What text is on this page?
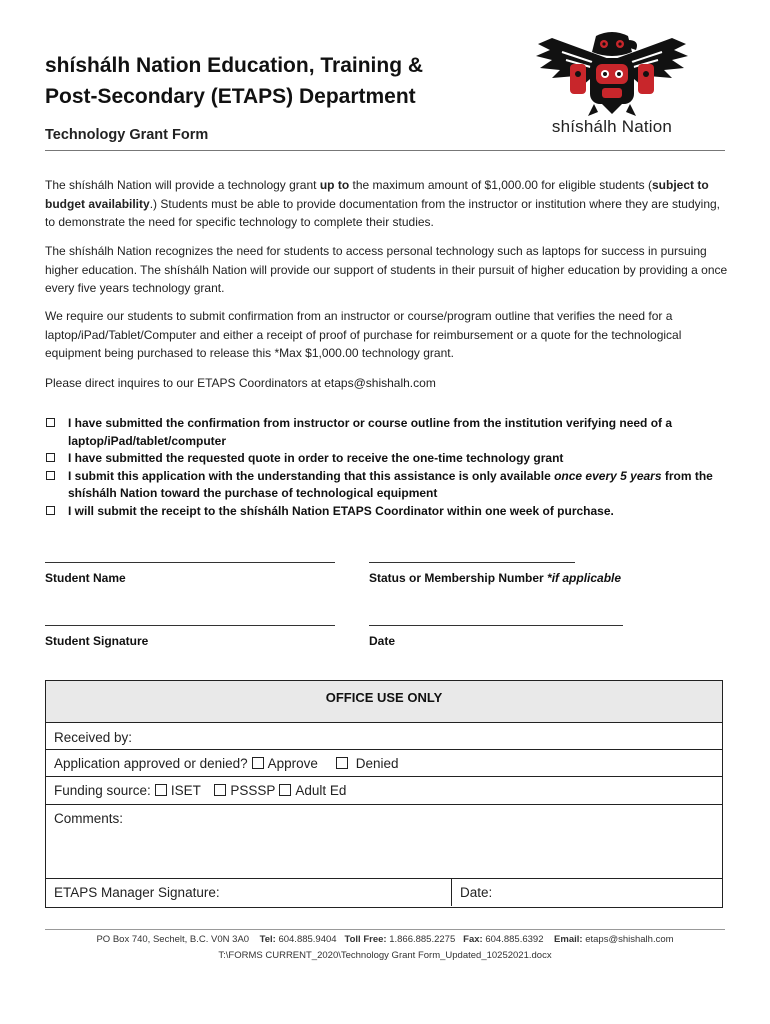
shíshálh Nation Education, Training &
Post-Secondary (ETAPS) Department
shíshálh Nation
Technology Grant Form
The shíshálh Nation will provide a technology grant up to the maximum amount of $1,000.00 for eligible students (subject to budget availability.) Students must be able to provide documentation from the instructor or institution where they are studying, to demonstrate the need for specific technology to complete their studies.
The shíshálh Nation recognizes the need for students to access personal technology such as laptops for success in pursuing higher education. The shíshálh Nation will provide our support of students in their pursuit of higher education by providing a once every five years technology grant.
We require our students to submit confirmation from an instructor or course/program outline that verifies the need for a laptop/iPad/Tablet/Computer and either a receipt of proof of purchase for reimbursement or a quote for the technological equipment being purchased to release this *Max $1,000.00 technology grant.
Please direct inquires to our ETAPS Coordinators at etaps@shishalh.com
I have submitted the confirmation from instructor or course outline from the institution verifying need of a laptop/iPad/tablet/computer
I have submitted the requested quote in order to receive the one-time technology grant
I submit this application with the understanding that this assistance is only available once every 5 years from the shíshálh Nation toward the purchase of technological equipment
I will submit the receipt to the shíshálh Nation ETAPS Coordinator within one week of purchase.
Student Name	Status or Membership Number *if applicable
Student Signature	Date
OFFICE USE ONLY
Received by:
Application approved or denied? Approve	Denied
Funding source: ISET PSSSP Adult Ed
Comments:
ETAPS Manager Signature:	Date:
PO Box 740, Sechelt, B.C. V0N 3A0 Tel: 604.885.9404 Toll Free: 1.866.885.2275 Fax: 604.885.6392 Email: etaps@shishalh.com
T:\FORMS CURRENT_2020\Technology Grant Form_Updated_10252021.docx
